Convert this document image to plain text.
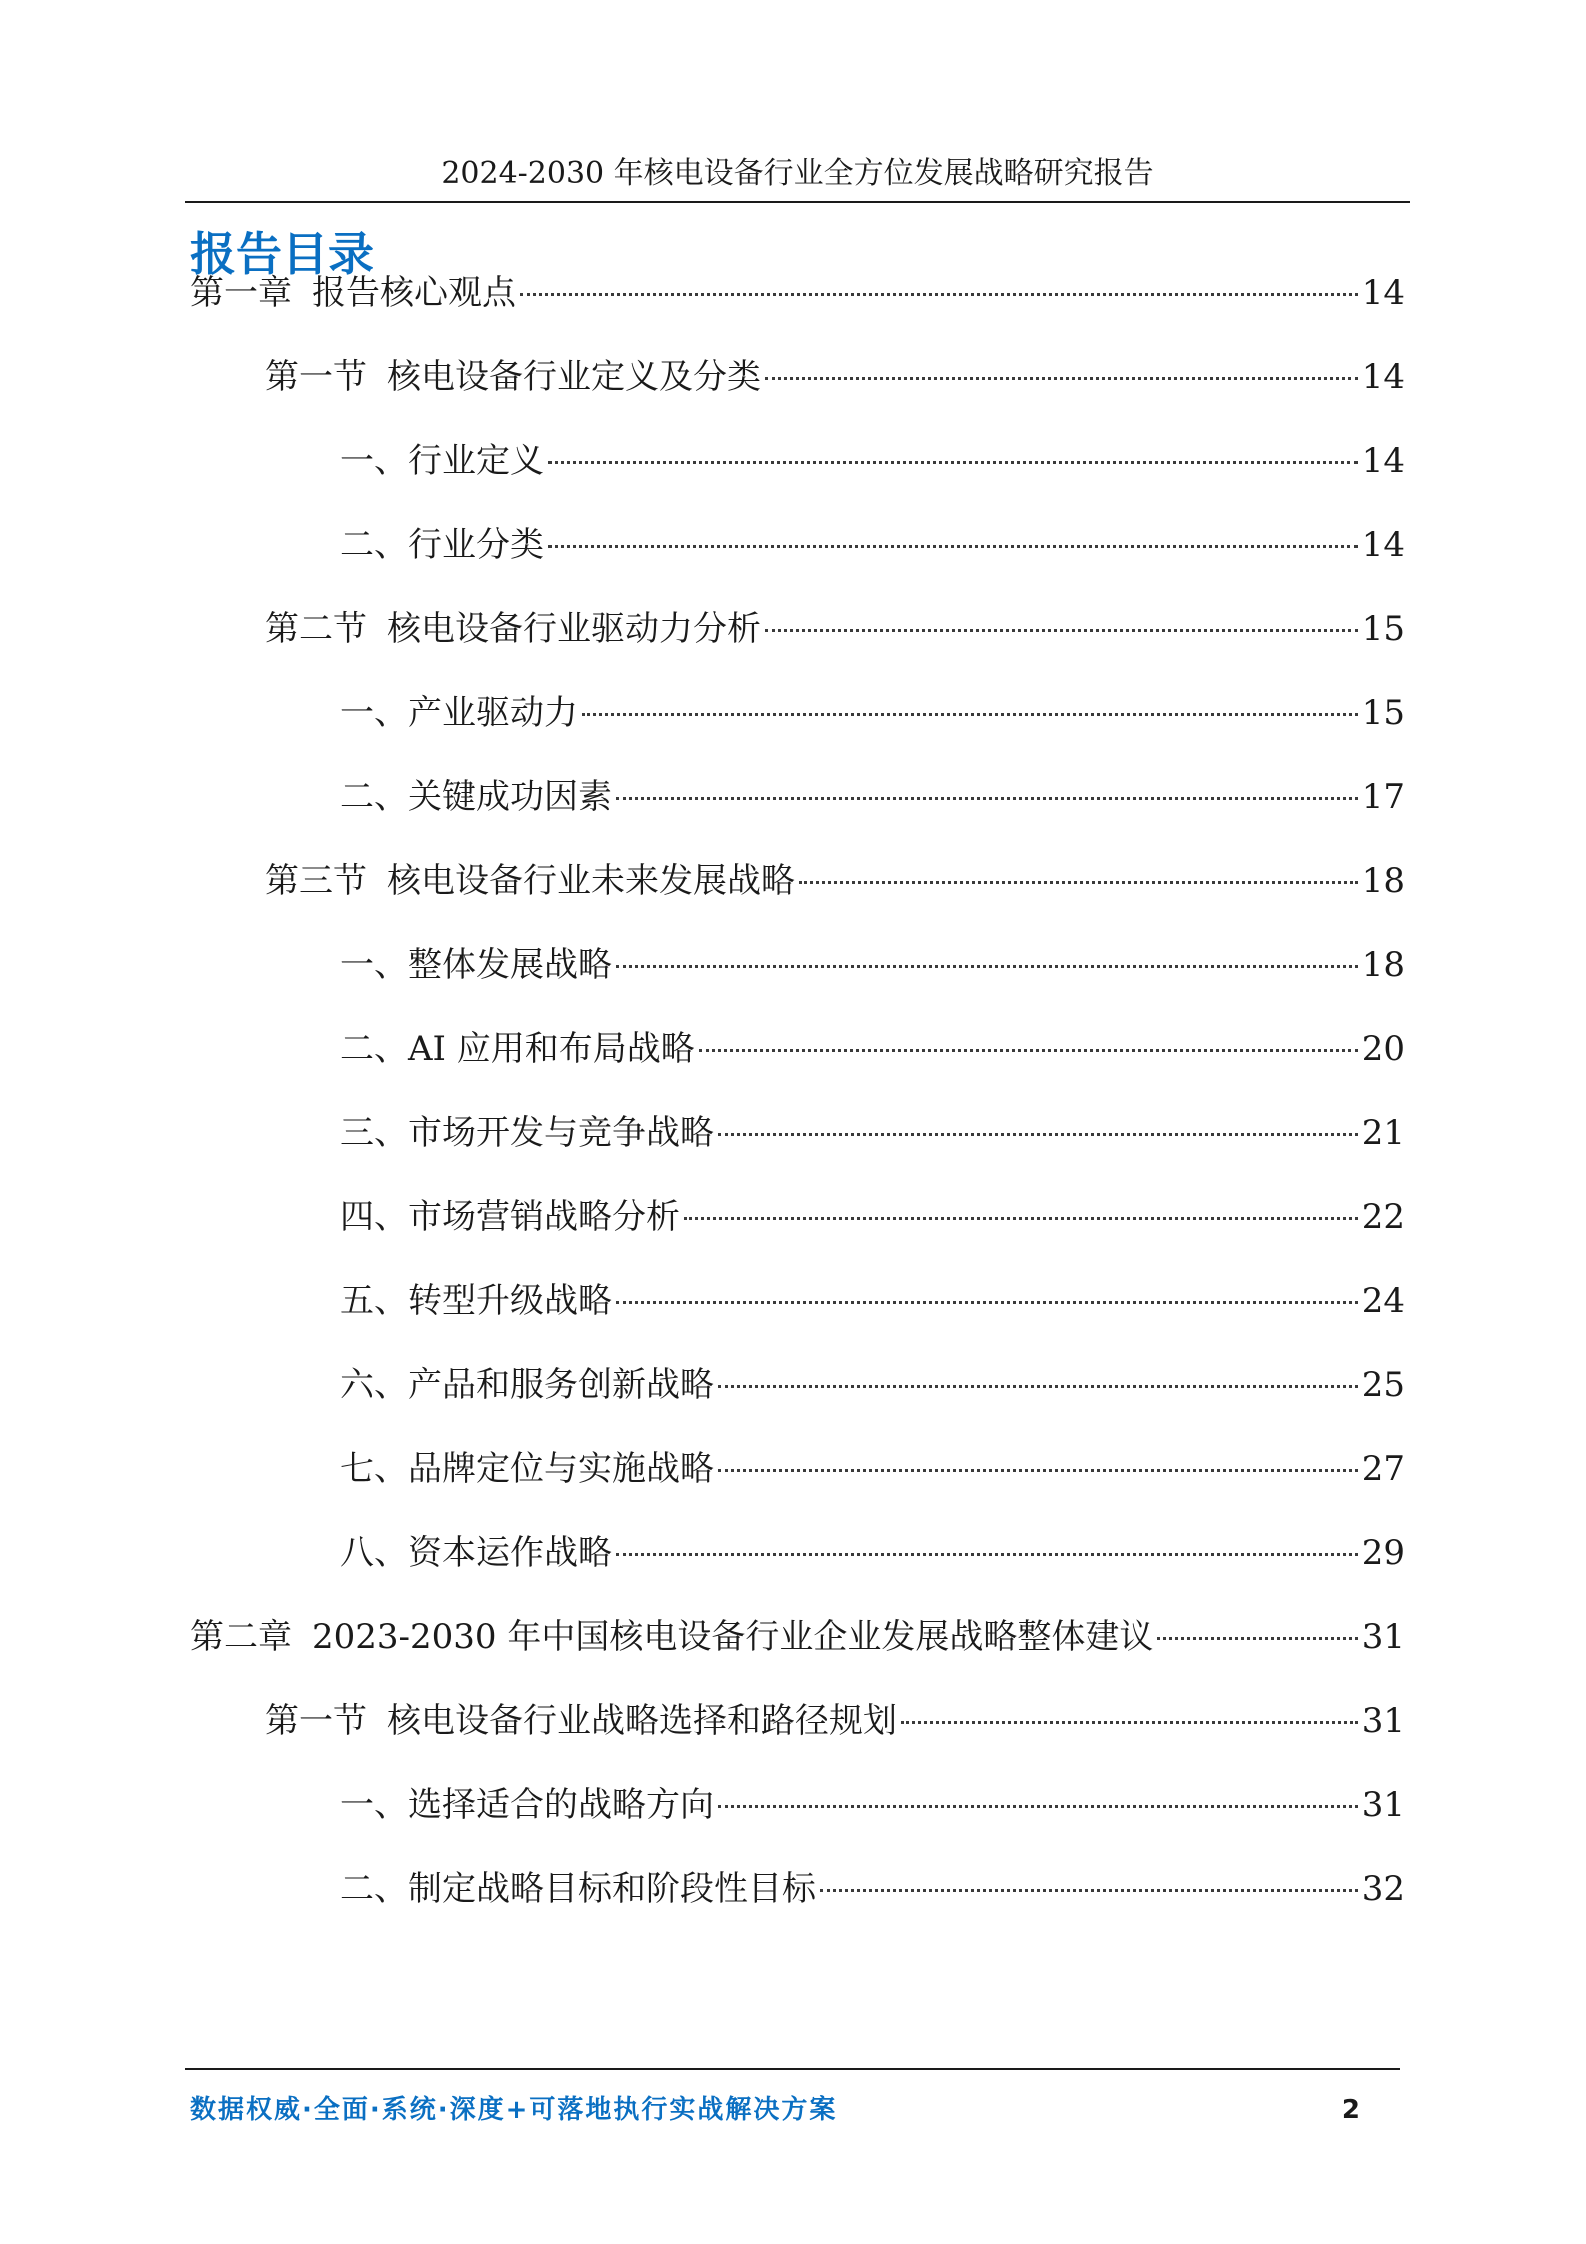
2024-2030 年核电设备行业全方位发展战略研究报告
报告目录
第一章 报告核心观点	14
第一节 核电设备行业定义及分类	14
一、 行业定义	14
二、 行业分类	14
第二节 核电设备行业驱动力分析	15
一、 产业驱动力	15
二、 关键成功因素	17
第三节 核电设备行业未来发展战略	18
一、 整体发展战略	18
二、 AI 应用和布局战略	20
三、 市场开发与竞争战略	21
四、 市场营销战略分析	22
五、 转型升级战略	24
六、 产品和服务创新战略	25
七、 品牌定位与实施战略	27
八、 资本运作战略	29
第二章 2023-2030 年中国核电设备行业企业发展战略整体建议	31
第一节 核电设备行业战略选择和路径规划	31
一、 选择适合的战略方向	31
二、 制定战略目标和阶段性目标	32
数据权威·全面·系统·深度+可落地执行实战解决方案	2
